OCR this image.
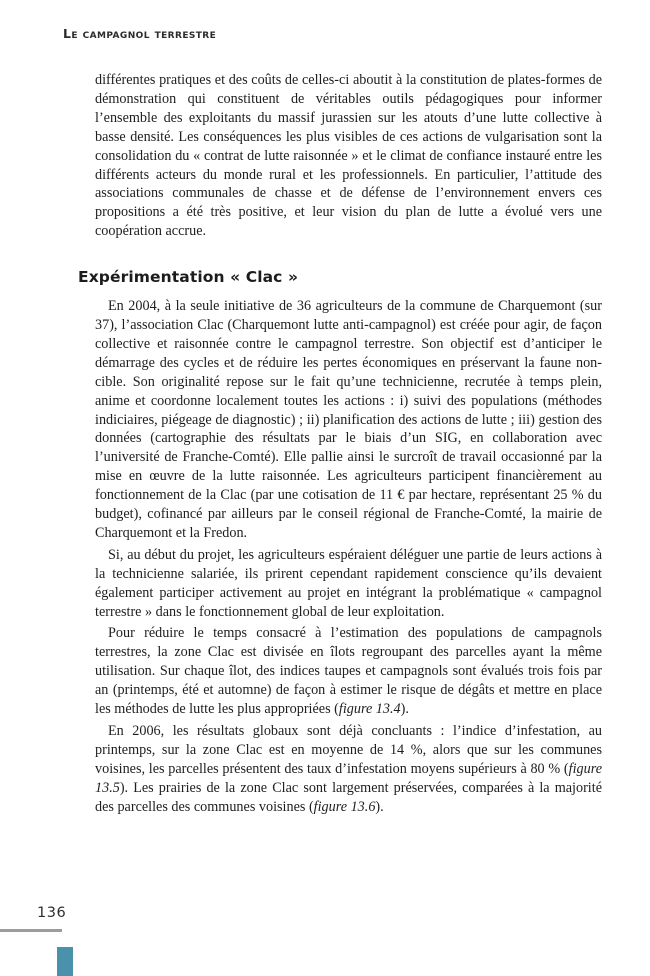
Le campagnol terrestre

différentes pratiques et des coûts de celles-ci aboutit à la constitution de plates-formes de démonstration qui constituent de véritables outils pédagogiques pour informer l’ensemble des exploitants du massif jurassien sur les atouts d’une lutte collective à basse densité. Les conséquences les plus visibles de ces actions de vulgarisation sont la consolidation du « contrat de lutte raisonnée » et le climat de confiance instauré entre les différents acteurs du monde rural et les professionnels. En particulier, l’attitude des associations communales de chasse et de défense de l’environnement envers ces propositions a été très positive, et leur vision du plan de lutte a évolué vers une coopération accrue.

Expérimentation « Clac »

En 2004, à la seule initiative de 36 agriculteurs de la commune de Charquemont (sur 37), l’association Clac (Charquemont lutte anti-campagnol) est créée pour agir, de façon collective et raisonnée contre le campagnol terrestre. Son objectif est d’anticiper le démarrage des cycles et de réduire les pertes économiques en préservant la faune non-cible. Son originalité repose sur le fait qu’une technicienne, recrutée à temps plein, anime et coordonne localement toutes les actions : i) suivi des populations (méthodes indiciaires, piégeage de diagnostic) ; ii) planification des actions de lutte ; iii) gestion des données (cartographie des résultats par le biais d’un SIG, en collaboration avec l’université de Franche-Comté). Elle pallie ainsi le surcroît de travail occasionné par la mise en œuvre de la lutte raisonnée. Les agriculteurs participent financièrement au fonctionnement de la Clac (par une cotisation de 11 € par hectare, représentant 25 % du budget), cofinancé par ailleurs par le conseil régional de Franche-Comté, la mairie de Charquemont et la Fredon.

Si, au début du projet, les agriculteurs espéraient déléguer une partie de leurs actions à la technicienne salariée, ils prirent cependant rapidement conscience qu’ils devaient également participer activement au projet en intégrant la problématique « campagnol terrestre » dans le fonctionnement global de leur exploitation.

Pour réduire le temps consacré à l’estimation des populations de campagnols terrestres, la zone Clac est divisée en îlots regroupant des parcelles ayant la même utilisation. Sur chaque îlot, des indices taupes et campagnols sont évalués trois fois par an (printemps, été et automne) de façon à estimer le risque de dégâts et mettre en place les méthodes de lutte les plus appropriées (figure 13.4).

En 2006, les résultats globaux sont déjà concluants : l’indice d’infestation, au printemps, sur la zone Clac est en moyenne de 14 %, alors que sur les communes voisines, les parcelles présentent des taux d’infestation moyens supérieurs à 80 % (figure 13.5). Les prairies de la zone Clac sont largement préservées, comparées à la majorité des parcelles des communes voisines (figure 13.6).

136
